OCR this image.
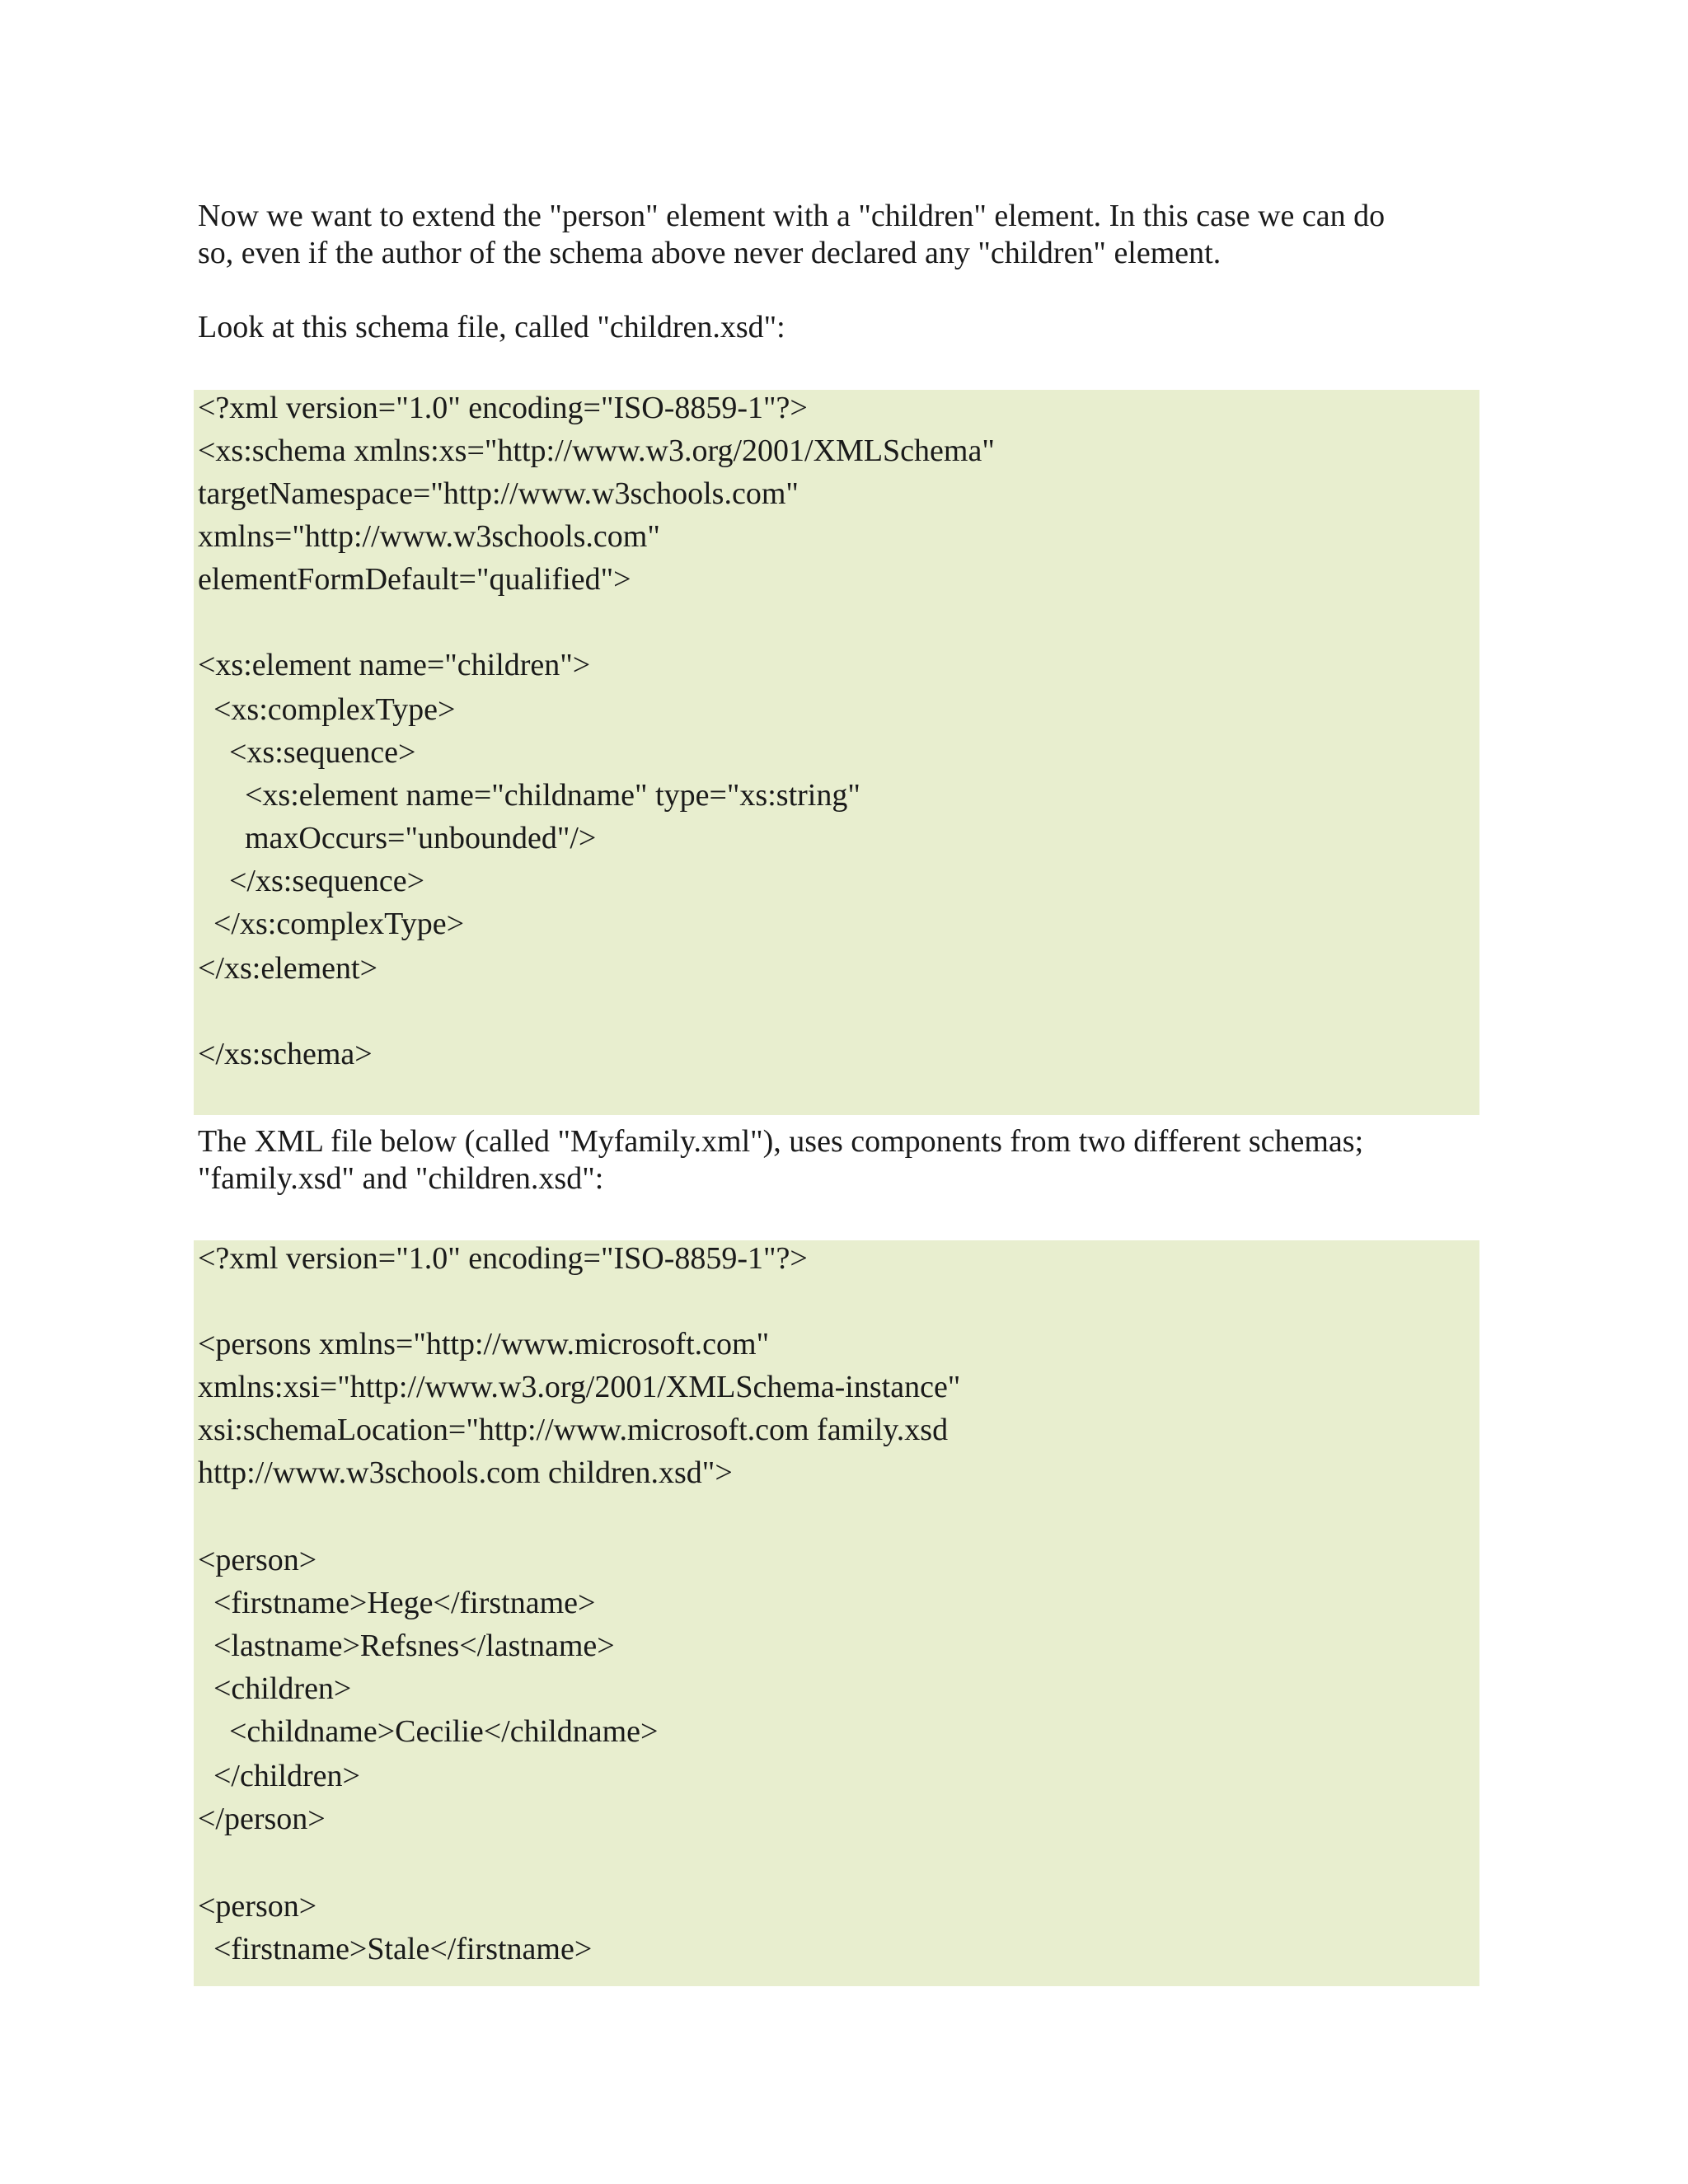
Now we want to extend the "person" element with a "children" element. In this case we can do
so, even if the author of the schema above never declared any "children" element.

Look at this schema file, called "children.xsd":

<?xml version="1.0" encoding="ISO-8859-1"?>
<xs:schema xmlns:xs="http://www.w3.org/2001/XMLSchema"
targetNamespace="http://www.w3schools.com"
xmlns="http://www.w3schools.com"
elementFormDefault="qualified">
<xs:element name="children">
<xs:complexType>
<xs:sequence>
<xs:element name="childname" type="xs:string"
maxOccurs="unbounded"/>
</xs:sequence>
</xs:complexType>
</xs:element>
</xs:schema>

The XML file below (called "Myfamily.xml"), uses components from two different schemas;
"family.xsd" and "children.xsd":

<?xml version="1.0" encoding="ISO-8859-1"?>
<persons xmlns="http://www.microsoft.com"
xmlns:xsi="http://www.w3.org/2001/XMLSchema-instance"
xsi:schemaLocation="http://www.microsoft.com family.xsd
http://www.w3schools.com children.xsd">
<person>
<firstname>Hege</firstname>
<lastname>Refsnes</lastname>
<children>
<childname>Cecilie</childname>
</children>
</person>
<person>
<firstname>Stale</firstname>
